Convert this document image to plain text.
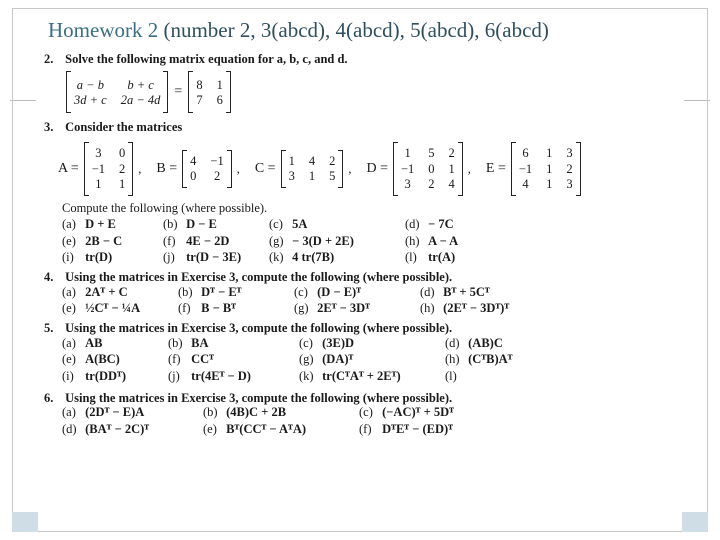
Homework 2 (number 2, 3(abcd), 4(abcd), 5(abcd), 6(abcd)
2. Solve the following matrix equation for a, b, c, and d.
a − b	b + c
3d + c 2a − 4d
= 8 1
7 6
3. Consider the matrices
A =
3 0
−1 2
1 1
, B = 4 −1
0 2
, C = 1 4 2
3 1 5
, D =
1 5 2
−1 0 1
3 2 4
, E =
6 1 3
−1 1 2
4 1 3
Compute the following (where possible).
(a) D + E	(b) D − E	(c) 5A	(d) − 7C
(e) 2B − C	(f) 4E − 2D	(g) − 3(D + 2E)	(h) A − A
(i) tr(D)	(j) tr(D − 3E)	(k) 4 tr(7B)	(l) tr(A)
4. Using the matrices in Exercise 3, compute the following (where possible).
(a) 2Aᵀ + C	(b) Dᵀ − Eᵀ	(c) (D − E)ᵀ	(d) Bᵀ + 5Cᵀ
(e) ½Cᵀ − ¼A	(f) B − Bᵀ	(g) 2Eᵀ − 3Dᵀ	(h) (2Eᵀ − 3Dᵀ)ᵀ
5. Using the matrices in Exercise 3, compute the following (where possible).
(a) AB	(b) BA	(c) (3E)D	(d) (AB)C
(e) A(BC)	(f) CCᵀ	(g) (DA)ᵀ	(h) (CᵀB)Aᵀ
(i) tr(DDᵀ)	(j) tr(4Eᵀ − D)	(k) tr(CᵀAᵀ + 2Eᵀ)	(l)
6. Using the matrices in Exercise 3, compute the following (where possible).
(a) (2Dᵀ − E)A	(b) (4B)C + 2B	(c) (−AC)ᵀ + 5Dᵀ
(d) (BAᵀ − 2C)ᵀ	(e) Bᵀ(CCᵀ − AᵀA)	(f) DᵀEᵀ − (ED)ᵀ
